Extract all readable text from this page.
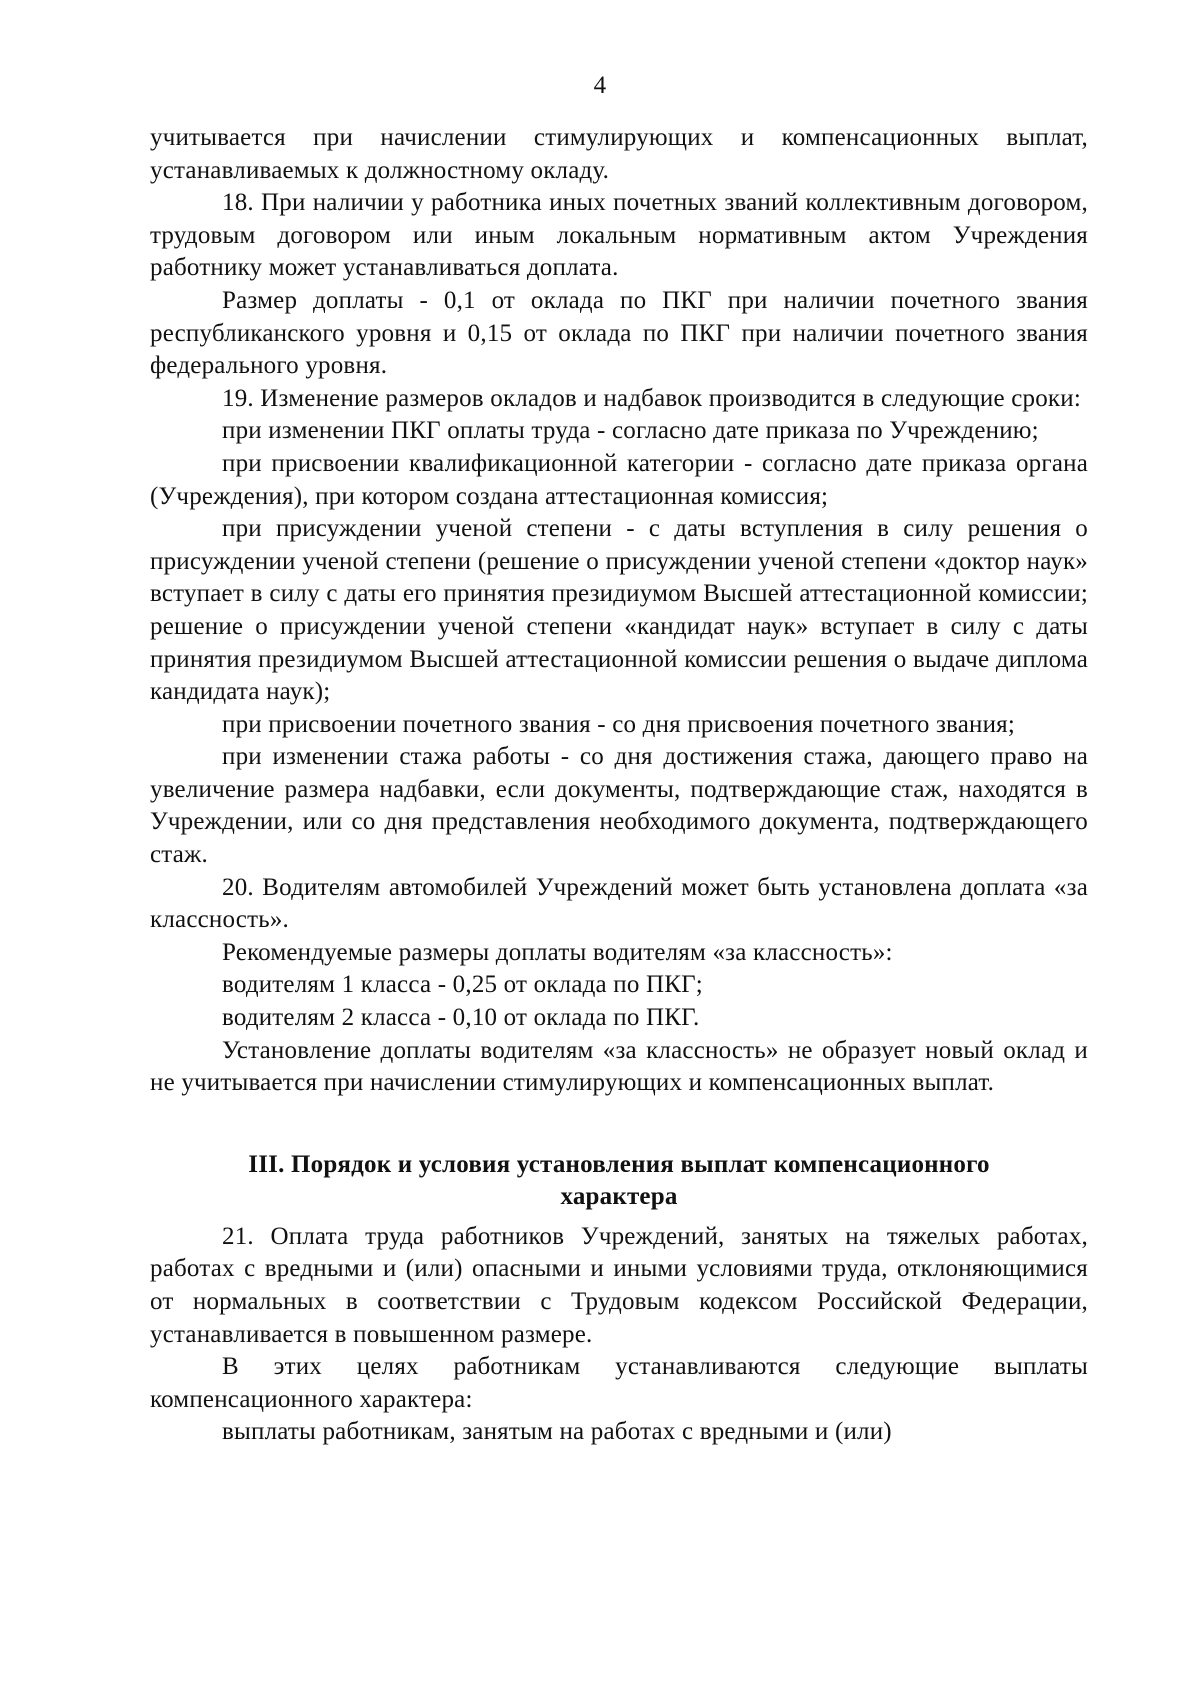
4

учитывается при начислении стимулирующих и компенсационных выплат, устанавливаемых к должностному окладу.

18. При наличии у работника иных почетных званий коллективным договором, трудовым договором или иным локальным нормативным актом Учреждения работнику может устанавливаться доплата.

Размер доплаты - 0,1 от оклада по ПКГ при наличии почетного звания республиканского уровня и 0,15 от оклада по ПКГ при наличии почетного звания федерального уровня.

19. Изменение размеров окладов и надбавок производится в следующие сроки:

при изменении ПКГ оплаты труда - согласно дате приказа по Учреждению;

при присвоении квалификационной категории - согласно дате приказа органа (Учреждения), при котором создана аттестационная комиссия;

при присуждении ученой степени - с даты вступления в силу решения о присуждении ученой степени (решение о присуждении ученой степени «доктор наук» вступает в силу с даты его принятия президиумом Высшей аттестационной комиссии; решение о присуждении ученой степени «кандидат наук» вступает в силу с даты принятия президиумом Высшей аттестационной комиссии решения о выдаче диплома кандидата наук);

при присвоении почетного звания - со дня присвоения почетного звания;

при изменении стажа работы - со дня достижения стажа, дающего право на увеличение размера надбавки, если документы, подтверждающие стаж, находятся в Учреждении, или со дня представления необходимого документа, подтверждающего стаж.

20. Водителям автомобилей Учреждений может быть установлена доплата «за классность».

Рекомендуемые размеры доплаты водителям «за классность»:

водителям 1 класса - 0,25 от оклада по ПКГ;

водителям 2 класса - 0,10 от оклада по ПКГ.

Установление доплаты водителям «за классность» не образует новый оклад и не учитывается при начислении стимулирующих и компенсационных выплат.

III. Порядок и условия установления выплат компенсационного
характера

21. Оплата труда работников Учреждений, занятых на тяжелых работах, работах с вредными и (или) опасными и иными условиями труда, отклоняющимися от нормальных в соответствии с Трудовым кодексом Российской Федерации, устанавливается в повышенном размере.

В этих целях работникам устанавливаются следующие выплаты компенсационного характера:

выплаты работникам, занятым на работах с вредными и (или)
